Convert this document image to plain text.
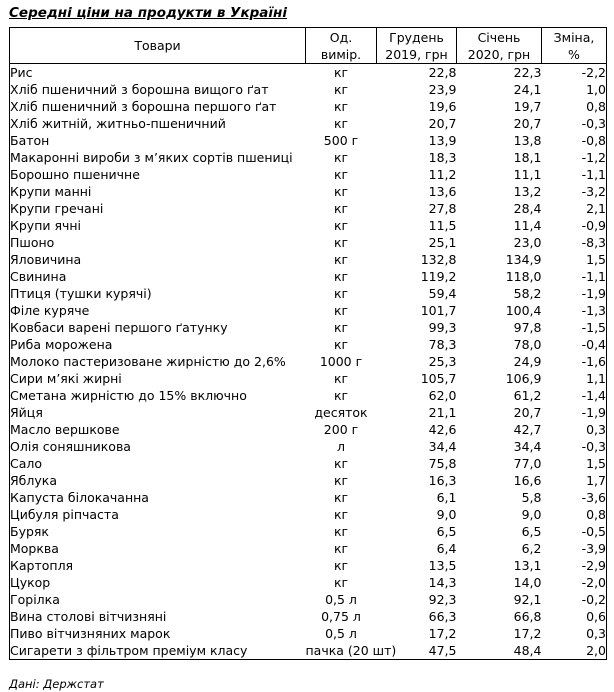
Середні ціни на продукти в Україні
Товари

Од.
вимір.

Грудень
2019, грн

Січень
2020, грн

Зміна,
%

Рис	кг	22,8	22,3	-2,2
Хліб пшеничний з борошна вищого ґат	кг	23,9	24,1	1,0
Хліб пшеничний з борошна першого ґат	кг	19,6	19,7	0,8
Хліб житній, житньо-пшеничний	кг	20,7	20,7	-0,3
Батон	500 г	13,9	13,8	-0,8
Макаронні вироби з м’яких сортів пшениці	кг	18,3	18,1	-1,2
Борошно пшеничне	кг	11,2	11,1	-1,1
Крупи манні	кг	13,6	13,2	-3,2
Крупи гречані	кг	27,8	28,4	2,1
Крупи ячні	кг	11,5	11,4	-0,9
Пшоно	кг	25,1	23,0	-8,3
Яловичина	кг	132,8	134,9	1,5
Свинина	кг	119,2	118,0	-1,1
Птиця (тушки курячі)	кг	59,4	58,2	-1,9
Філе куряче	кг	101,7	100,4	-1,3
Ковбаси варені першого ґатунку	кг	99,3	97,8	-1,5
Риба морожена	кг	78,3	78,0	-0,4
Молоко пастеризоване жирністю до 2,6%	1000 г	25,3	24,9	-1,6
Сири м’які жирні	кг	105,7	106,9	1,1
Сметана жирністю до 15% включно	кг	62,0	61,2	-1,4
Яйця	десяток	21,1	20,7	-1,9
Масло вершкове	200 г	42,6	42,7	0,3
Олія соняшникова	л	34,4	34,4	-0,3
Сало	кг	75,8	77,0	1,5
Яблука	кг	16,3	16,6	1,7
Капуста білокачанна	кг	6,1	5,8	-3,6
Цибуля ріпчаста	кг	9,0	9,0	0,8
Буряк	кг	6,5	6,5	-0,5
Морква	кг	6,4	6,2	-3,9
Картопля	кг	13,5	13,1	-2,9
Цукор	кг	14,3	14,0	-2,0
Горілка	0,5 л	92,3	92,1	-0,2
Вина столові вітчизняні	0,75 л	66,3	66,8	0,6
Пиво вітчизняних марок	0,5 л	17,2	17,2	0,3
Сигарети з фільтром преміум класу	пачка (20 шт)	47,5	48,4	2,0
Дані: Держстат
